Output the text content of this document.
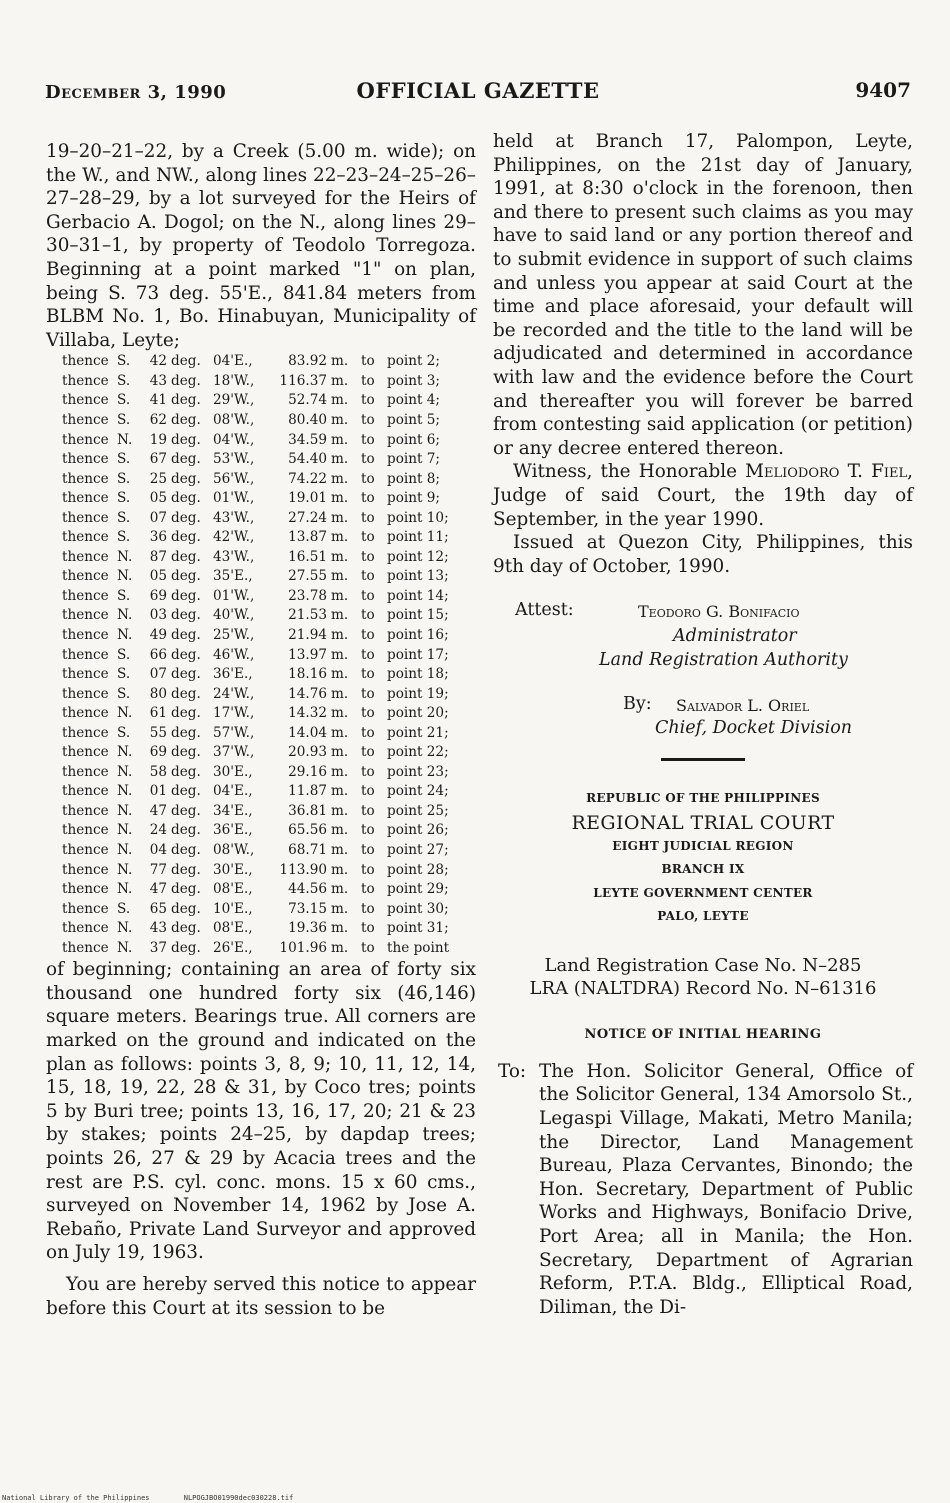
OFFICIAL GAZETTE
December 3, 1990	9407

19–20–21–22, by a Creek (5.00 m. wide); on the W., and NW., along lines 22–23–24–25–26–27–28–29, by a lot surveyed for the Heirs of Gerbacio A. Dogol; on the N., along lines 29–30–31–1, by property of Teodolo Torregoza. Beginning at a point marked "1" on plan, being S. 73 deg. 55'E., 841.84 meters from BLBM No. 1, Bo. Hinabuyan, Municipality of Villaba, Leyte;

thence S.	42 deg. 04'E.,	83.92 m. to point 2;
thence S.	43 deg. 18'W.,	116.37 m. to point 3;
thence S.	41 deg. 29'W.,	52.74 m. to point 4;
thence S.	62 deg. 08'W.,	80.40 m. to point 5;
thence N.	19 deg. 04'W.,	34.59 m. to point 6;
thence S.	67 deg. 53'W.,	54.40 m. to point 7;
thence S.	25 deg. 56'W.,	74.22 m. to point 8;
thence S.	05 deg. 01'W.,	19.01 m. to point 9;
thence S.	07 deg. 43'W.,	27.24 m. to point 10;
thence S.	36 deg. 42'W.,	13.87 m. to point 11;
thence N.	87 deg. 43'W.,	16.51 m. to point 12;
thence N.	05 deg. 35'E.,	27.55 m. to point 13;
thence S.	69 deg. 01'W.,	23.78 m. to point 14;
thence N.	03 deg. 40'W.,	21.53 m. to point 15;
thence N.	49 deg. 25'W.,	21.94 m. to point 16;
thence S.	66 deg. 46'W.,	13.97 m. to point 17;
thence S.	07 deg. 36'E.,	18.16 m. to point 18;
thence S.	80 deg. 24'W.,	14.76 m. to point 19;
thence N.	61 deg. 17'W.,	14.32 m. to point 20;
thence S.	55 deg. 57'W.,	14.04 m. to point 21;
thence N.	69 deg. 37'W.,	20.93 m. to point 22;
thence N.	58 deg. 30'E.,	29.16 m. to point 23;
thence N.	01 deg. 04'E.,	11.87 m. to point 24;
thence N.	47 deg. 34'E.,	36.81 m. to point 25;
thence N.	24 deg. 36'E.,	65.56 m. to point 26;
thence N.	04 deg. 08'W.,	68.71 m. to point 27;
thence N.	77 deg. 30'E.,	113.90 m. to point 28;
thence N.	47 deg. 08'E.,	44.56 m. to point 29;
thence S.	65 deg. 10'E.,	73.15 m. to point 30;
thence N.	43 deg. 08'E.,	19.36 m. to point 31;
thence N.	37 deg. 26'E.,	101.96 m. to the point

of beginning; containing an area of forty six thousand one hundred forty six (46,146) square meters. Bearings true. All corners are marked on the ground and indicated on the plan as follows: points 3, 8, 9; 10, 11, 12, 14, 15, 18, 19, 22, 28 & 31, by Coco tres; points 5 by Buri tree; points 13, 16, 17, 20; 21 & 23 by stakes; points 24–25, by dapdap trees; points 26, 27 & 29 by Acacia trees and the rest are P.S. cyl. conc. mons. 15 x 60 cms., surveyed on November 14, 1962 by Jose A. Rebaño, Private Land Surveyor and approved on July 19, 1963.

You are hereby served this notice to appear before this Court at its session to be

held at Branch 17, Palompon, Leyte, Philippines, on the 21st day of January, 1991, at 8:30 o'clock in the forenoon, then and there to present such claims as you may have to said land or any portion thereof and to submit evidence in support of such claims and unless you appear at said Court at the time and place aforesaid, your default will be recorded and the title to the land will be adjudicated and determined in accordance with law and the evidence before the Court and thereafter you will forever be barred from contesting said application (or petition) or any decree entered thereon.

Witness, the Honorable Meliodoro T. Fiel, Judge of said Court, the 19th day of September, in the year 1990.

Issued at Quezon City, Philippines, this 9th day of October, 1990.

Attest:	Teodoro G. Bonifacio
Administrator
Land Registration Authority
By: Salvador L. Oriel
Chief, Docket Division
REPUBLIC OF THE PHILIPPINES
REGIONAL TRIAL COURT
EIGHT JUDICIAL REGION
BRANCH IX
LEYTE GOVERNMENT CENTER
PALO, LEYTE
Land Registration Case No. N–285
LRA (NALTDRA) Record No. N–61316
NOTICE OF INITIAL HEARING
To: The Hon. Solicitor General, Office of the Solicitor General, 134 Amorsolo St., Legaspi Village, Makati, Metro Manila; the Director, Land Management Bureau, Plaza Cervantes, Binondo; the Hon. Secretary, Department of Public Works and Highways, Bonifacio Drive, Port Area; all in Manila; the Hon. Secretary, Department of Agrarian Reform, P.T.A. Bldg., Elliptical Road, Diliman, the Di-
National Library of the Philippines	NLPOGJBO01990dec030228.tif
